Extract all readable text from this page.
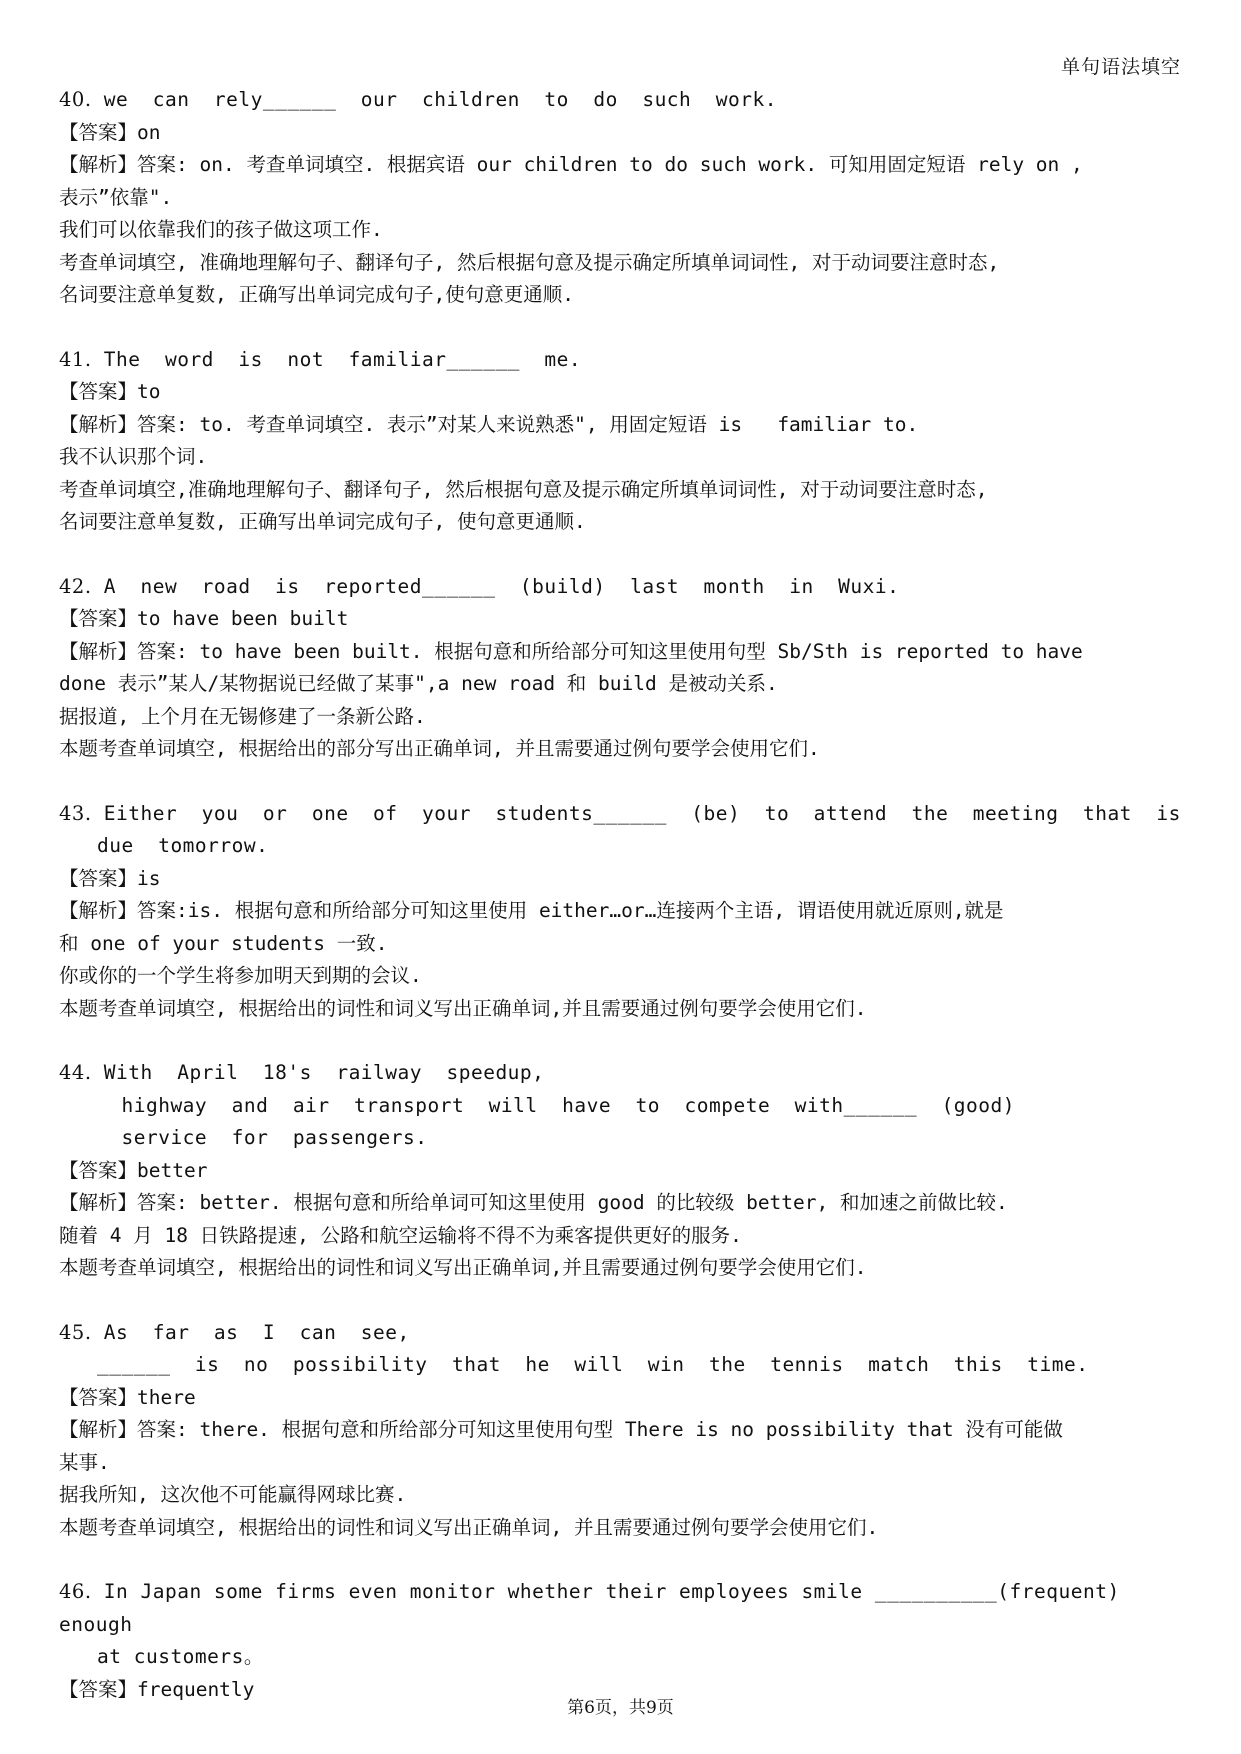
单句语法填空
40. we  can  rely______  our  children  to  do  such  work.
【答案】on
【解析】答案: on. 考查单词填空. 根据宾语 our children to do such work. 可知用固定短语 rely on ,
表示”依靠".
我们可以依靠我们的孩子做这项工作.
考查单词填空, 准确地理解句子、翻译句子, 然后根据句意及提示确定所填单词词性, 对于动词要注意时态,
名词要注意单复数, 正确写出单词完成句子,使句意更通顺.
41. The  word  is  not  familiar______  me.
【答案】to
【解析】答案: to. 考查单词填空. 表示”对某人来说熟悉", 用固定短语 is   familiar to.
我不认识那个词.
考查单词填空,准确地理解句子、翻译句子, 然后根据句意及提示确定所填单词词性, 对于动词要注意时态,
名词要注意单复数, 正确写出单词完成句子, 使句意更通顺.
42. A  new  road  is  reported______  (build)  last  month  in  Wuxi.
【答案】to have been built
【解析】答案: to have been built. 根据句意和所给部分可知这里使用句型 Sb/Sth is reported to have
done 表示”某人/某物据说已经做了某事",a new road 和 build 是被动关系.
据报道, 上个月在无锡修建了一条新公路.
本题考查单词填空, 根据给出的部分写出正确单词, 并且需要通过例句要学会使用它们.
43. Either  you  or  one  of  your  students______  (be)  to  attend  the  meeting  that  is
due  tomorrow.
【答案】is
【解析】答案:is. 根据句意和所给部分可知这里使用 either…or…连接两个主语, 谓语使用就近原则,就是
和 one of your students 一致.
你或你的一个学生将参加明天到期的会议.
本题考查单词填空, 根据给出的词性和词义写出正确单词,并且需要通过例句要学会使用它们.
44. With  April  18's  railway  speedup,
highway  and  air  transport  will  have  to  compete  with______  (good)
service  for  passengers.
【答案】better
【解析】答案: better. 根据句意和所给单词可知这里使用 good 的比较级 better, 和加速之前做比较.
随着 4 月 18 日铁路提速, 公路和航空运输将不得不为乘客提供更好的服务.
本题考查单词填空, 根据给出的词性和词义写出正确单词,并且需要通过例句要学会使用它们.
45. As  far  as  I  can  see,
______  is  no  possibility  that  he  will  win  the  tennis  match  this  time.
【答案】there
【解析】答案: there. 根据句意和所给部分可知这里使用句型 There is no possibility that 没有可能做
某事.
据我所知, 这次他不可能赢得网球比赛.
本题考查单词填空, 根据给出的词性和词义写出正确单词, 并且需要通过例句要学会使用它们.
46. In Japan some firms even monitor whether their employees smile __________(frequent) enough
at customers。
【答案】frequently
第6页，共9页
